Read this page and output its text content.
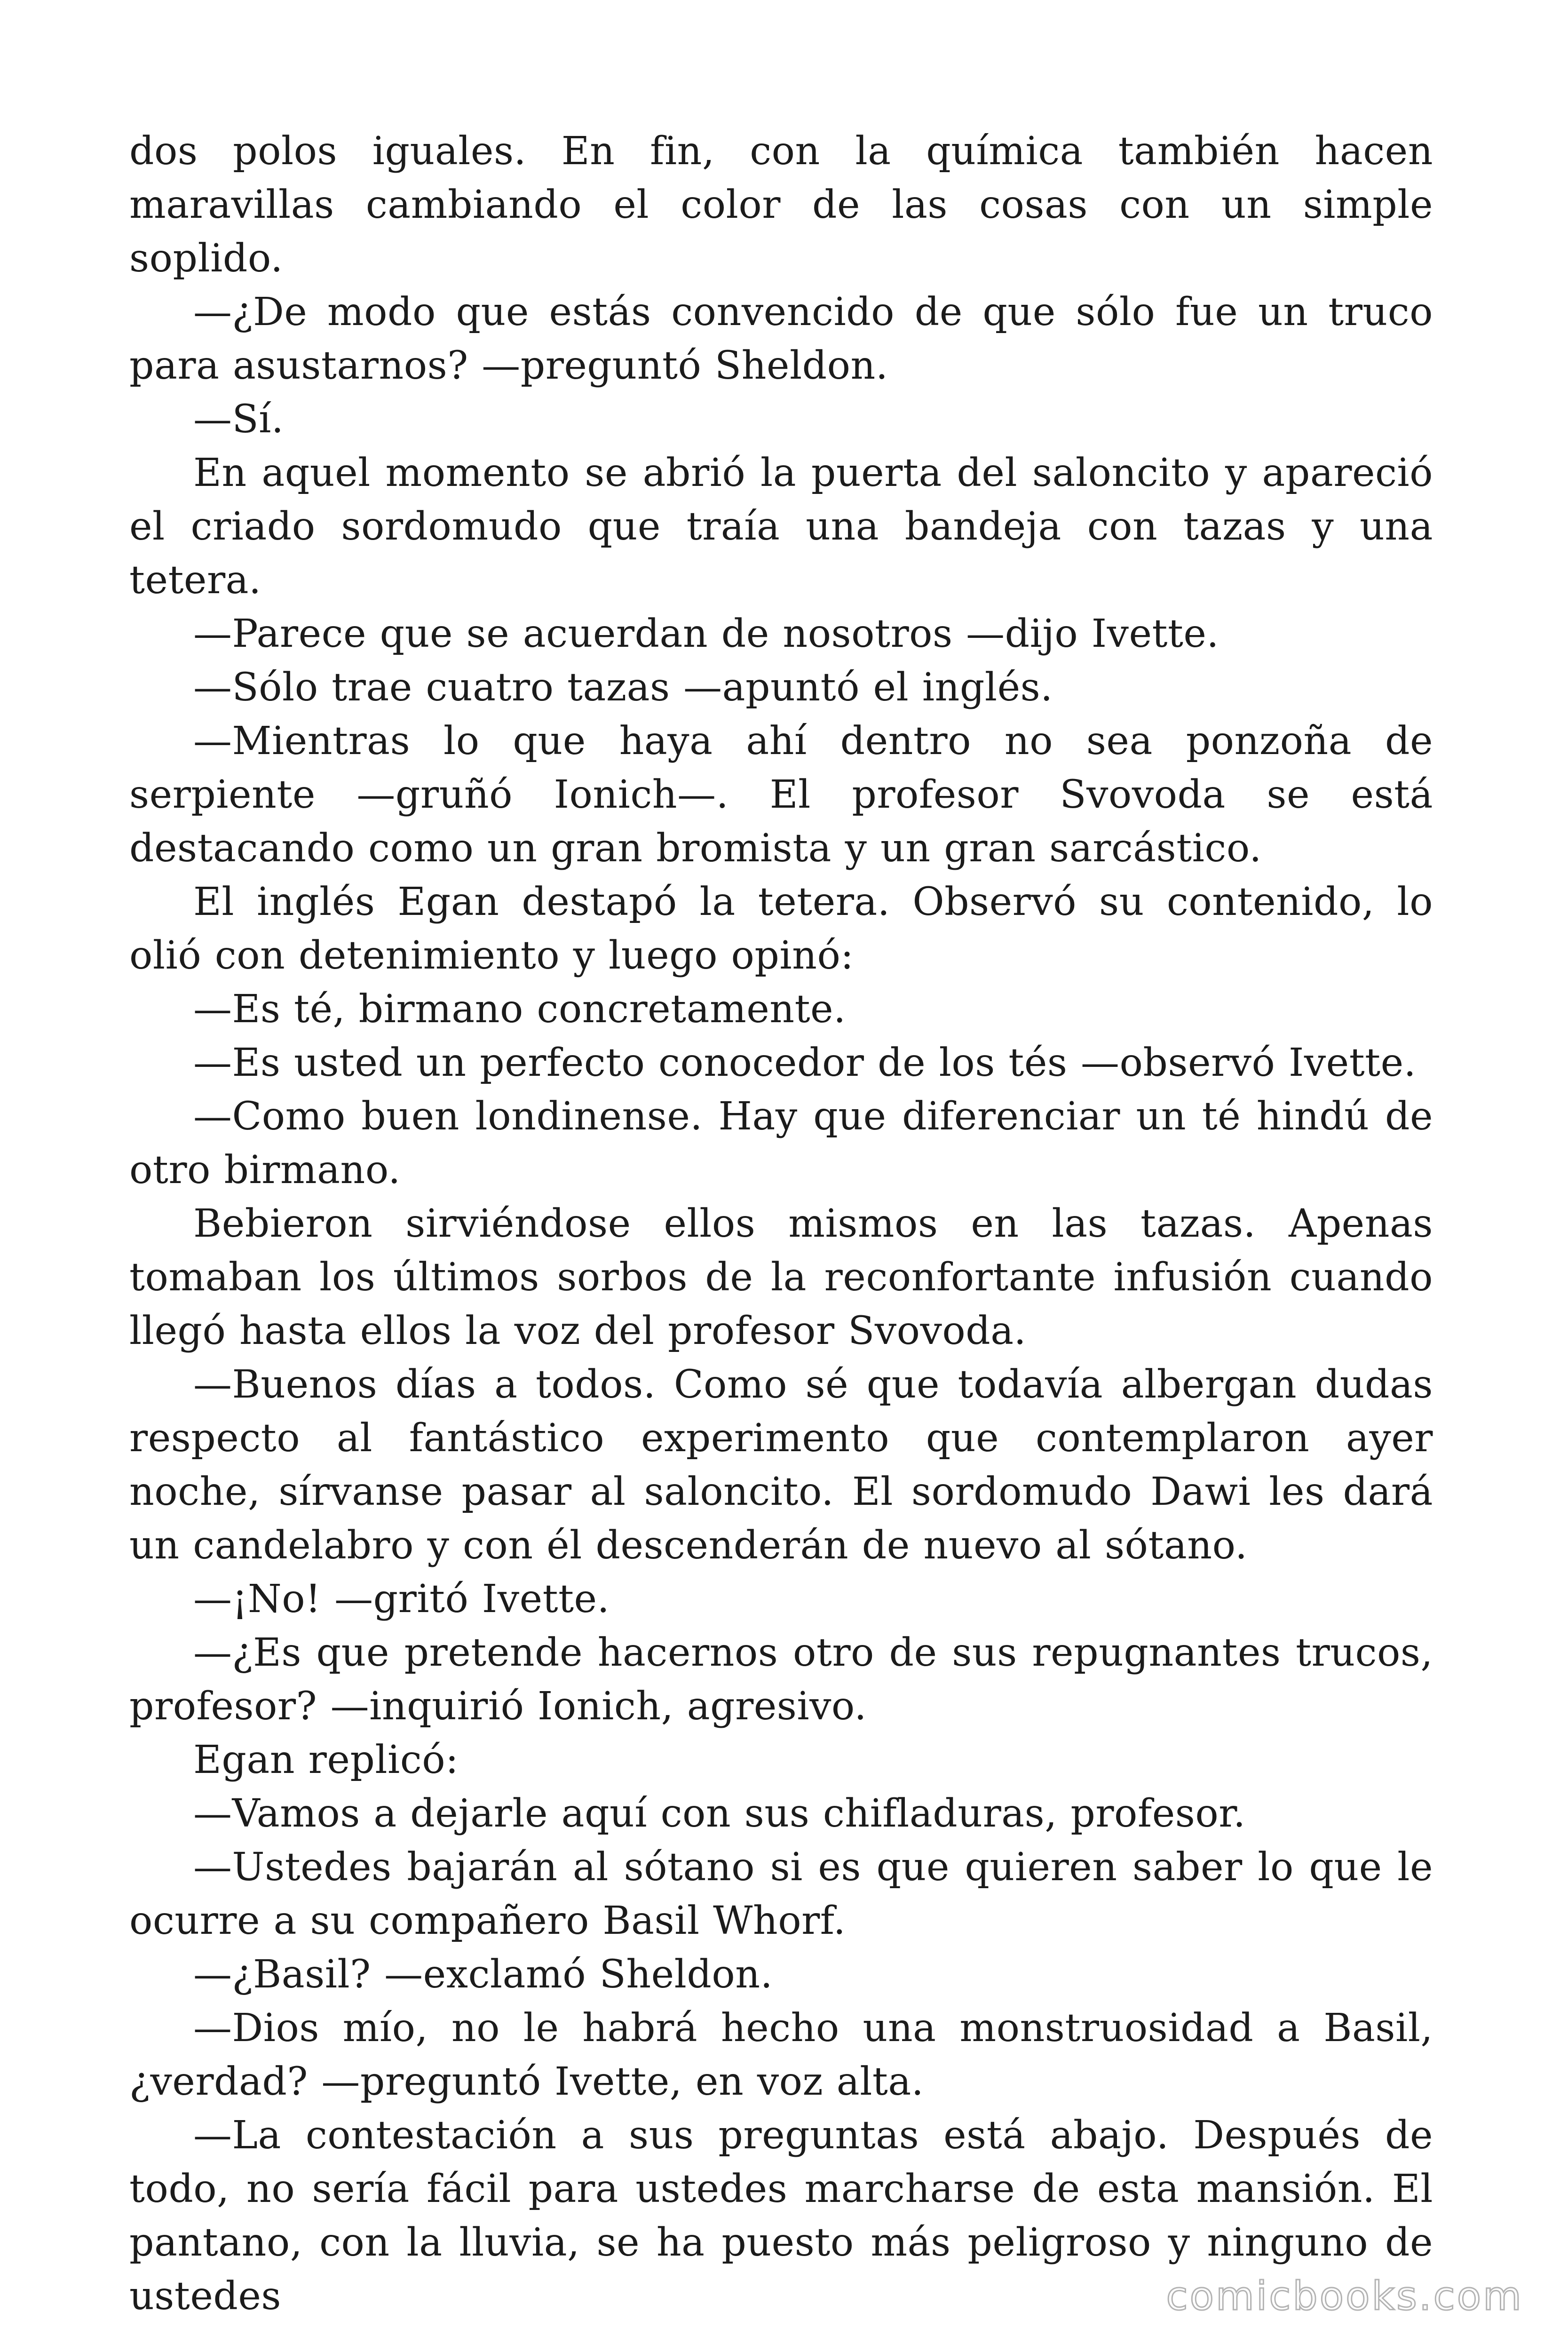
dos polos iguales. En fin, con la química también hacen maravillas cambiando el color de las cosas con un simple soplido.

—¿De modo que estás convencido de que sólo fue un truco para asustarnos? —preguntó Sheldon.

—Sí.

En aquel momento se abrió la puerta del saloncito y apareció el criado sordomudo que traía una bandeja con tazas y una tetera.

—Parece que se acuerdan de nosotros —dijo Ivette.

—Sólo trae cuatro tazas —apuntó el inglés.

—Mientras lo que haya ahí dentro no sea ponzoña de serpiente —gruñó Ionich—. El profesor Svovoda se está destacando como un gran bromista y un gran sarcástico.

El inglés Egan destapó la tetera. Observó su contenido, lo olió con detenimiento y luego opinó:

—Es té, birmano concretamente.

—Es usted un perfecto conocedor de los tés —observó Ivette.

—Como buen londinense. Hay que diferenciar un té hindú de otro birmano.

Bebieron sirviéndose ellos mismos en las tazas. Apenas tomaban los últimos sorbos de la reconfortante infusión cuando llegó hasta ellos la voz del profesor Svovoda.

—Buenos días a todos. Como sé que todavía albergan dudas respecto al fantástico experimento que contemplaron ayer noche, sírvanse pasar al saloncito. El sordomudo Dawi les dará un candelabro y con él descenderán de nuevo al sótano.

—¡No! —gritó Ivette.

—¿Es que pretende hacernos otro de sus repugnantes trucos, profesor? —inquirió Ionich, agresivo.

Egan replicó:

—Vamos a dejarle aquí con sus chifladuras, profesor.

—Ustedes bajarán al sótano si es que quieren saber lo que le ocurre a su compañero Basil Whorf.

—¿Basil? —exclamó Sheldon.

—Dios mío, no le habrá hecho una monstruosidad a Basil, ¿verdad? —preguntó Ivette, en voz alta.

—La contestación a sus preguntas está abajo. Después de todo, no sería fácil para ustedes marcharse de esta mansión. El pantano, con la lluvia, se ha puesto más peligroso y ninguno de ustedes	comicbooks.com
